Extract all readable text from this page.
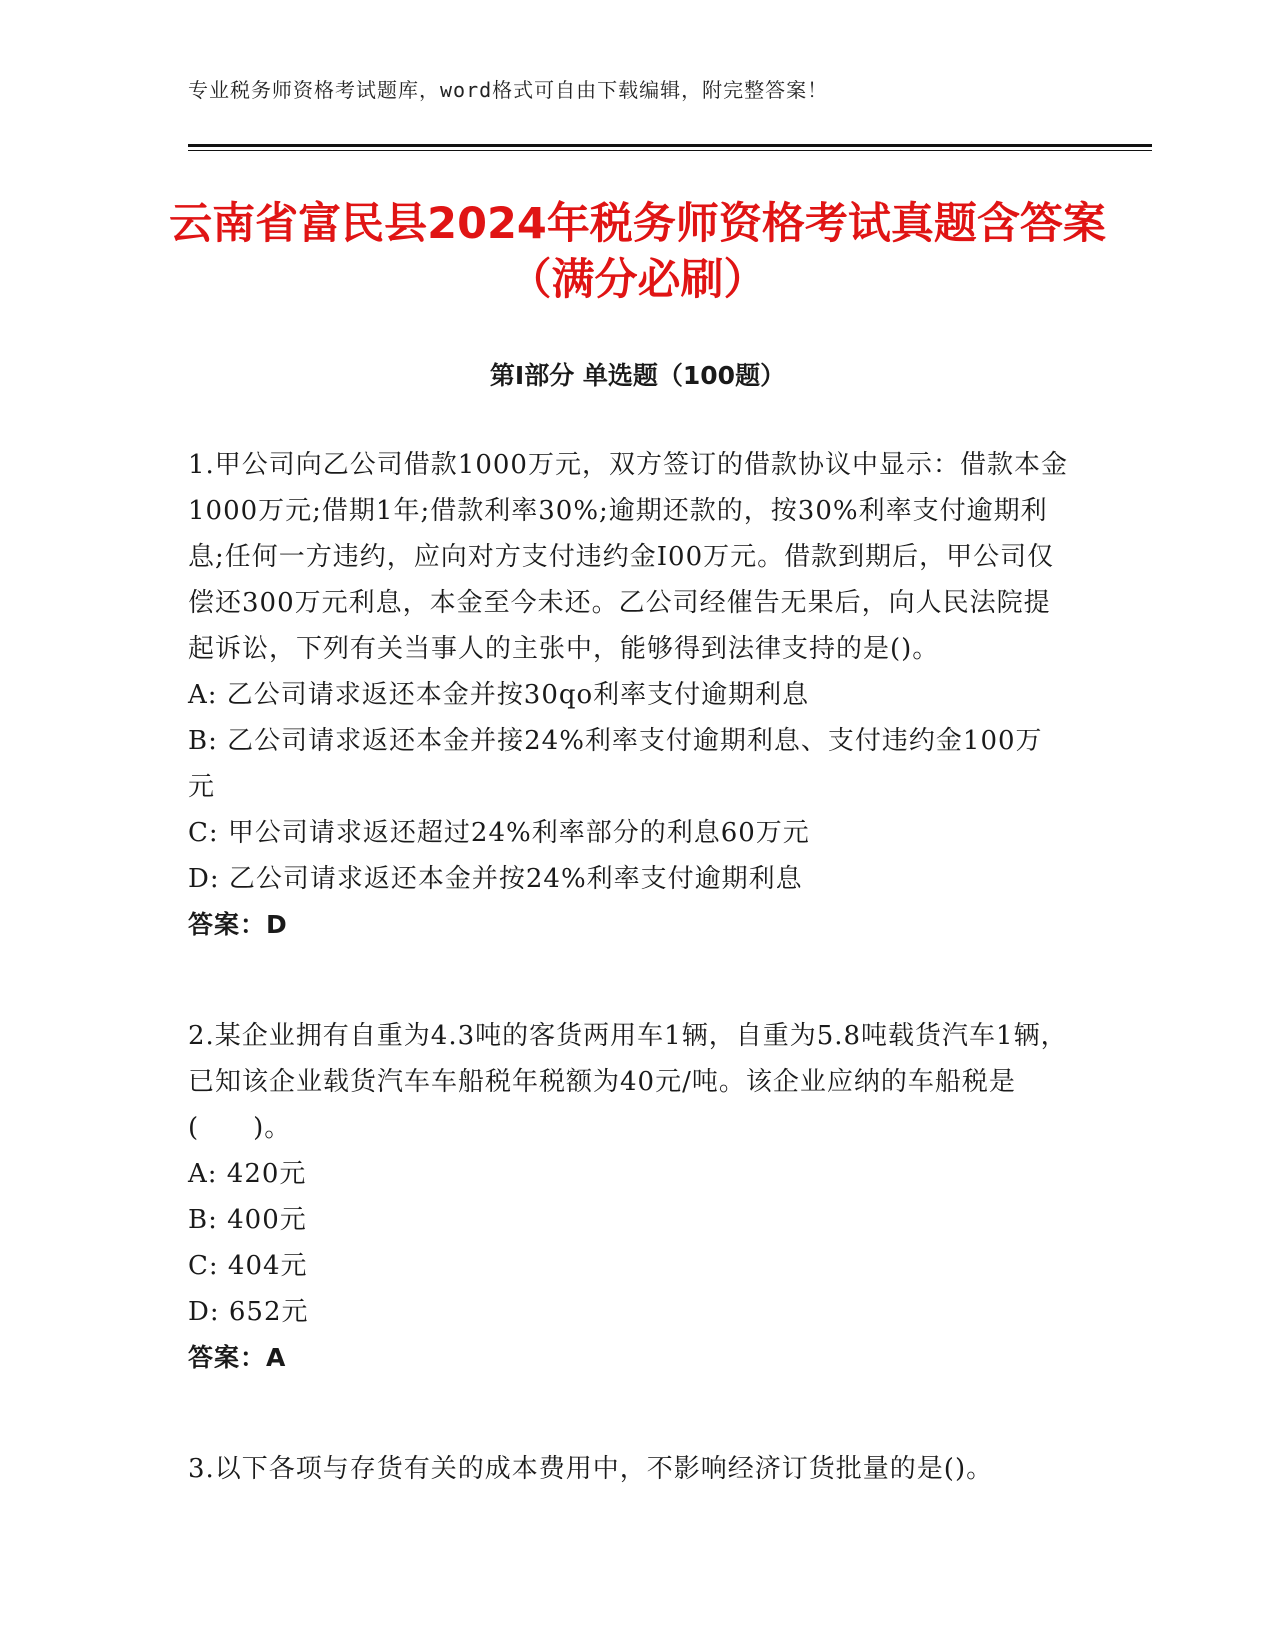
专业税务师资格考试题库，word格式可自由下载编辑，附完整答案！
云南省富民县2024年税务师资格考试真题含答案（满分必刷）
第Ⅰ部分 单选题（100题）

1.甲公司向乙公司借款1000万元，双方签订的借款协议中显示：借款本金1000万元;借期1年;借款利率30%;逾期还款的，按30%利率支付逾期利息;任何一方违约，应向对方支付违约金I00万元。借款到期后，甲公司仅偿还300万元利息，本金至今未还。乙公司经催告无果后，向人民法院提起诉讼，下列有关当事人的主张中，能够得到法律支持的是()。

A: 乙公司请求返还本金并按30qo利率支付逾期利息

B: 乙公司请求返还本金并接24%利率支付逾期利息、支付违约金100万元

C: 甲公司请求返还超过24%利率部分的利息60万元

D: 乙公司请求返还本金并按24%利率支付逾期利息

答案：D

2.某企业拥有自重为4.3吨的客货两用车1辆，自重为5.8吨载货汽车1辆，已知该企业载货汽车车船税年税额为40元/吨。该企业应纳的车船税是(　　)。

A: 420元

B: 400元

C: 404元

D: 652元

答案：A

3.以下各项与存货有关的成本费用中，不影响经济订货批量的是()。
